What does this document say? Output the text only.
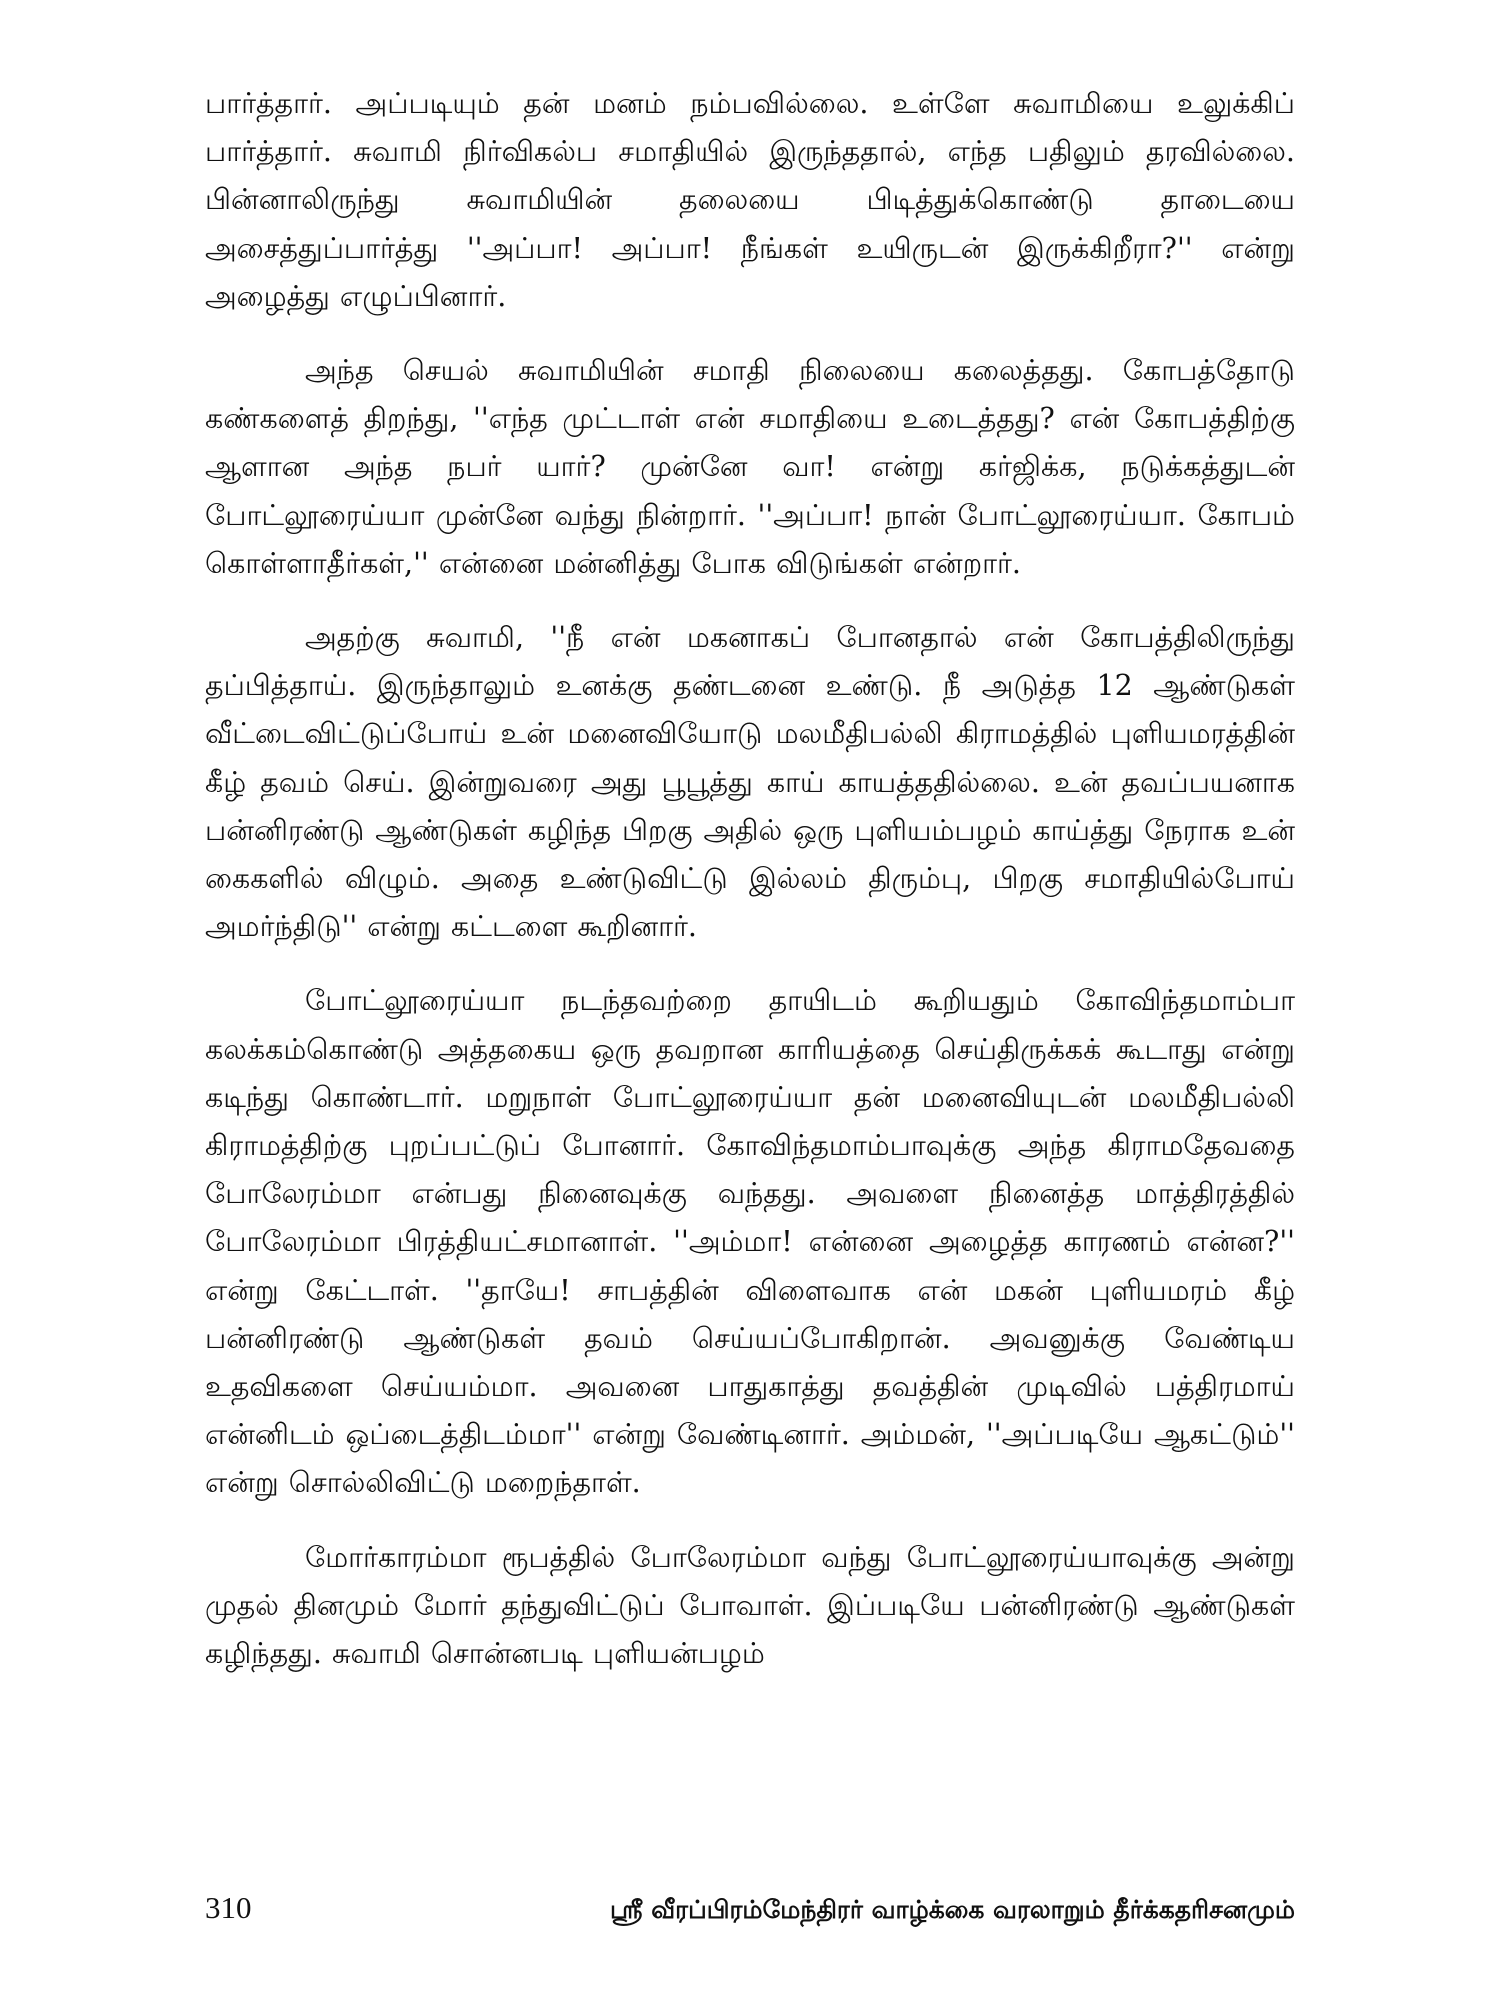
பார்த்தார். அப்படியும் தன் மனம் நம்பவில்லை. உள்ளே சுவாமியை உலுக்கிப் பார்த்தார். சுவாமி நிர்விகல்ப சமாதியில் இருந்ததால், எந்த பதிலும் தரவில்லை. பின்னாலிருந்து சுவாமியின் தலையை பிடித்துக்கொண்டு தாடையை அசைத்துப்பார்த்து ''அப்பா! அப்பா! நீங்கள் உயிருடன் இருக்கிறீரா?'' என்று அழைத்து எழுப்பினார்.

அந்த செயல் சுவாமியின் சமாதி நிலையை கலைத்தது. கோபத்தோடு கண்களைத் திறந்து, ''எந்த முட்டாள் என் சமாதியை உடைத்தது? என் கோபத்திற்கு ஆளான அந்த நபர் யார்? முன்னே வா! என்று கர்ஜிக்க, நடுக்கத்துடன் போட்லூரைய்யா முன்னே வந்து நின்றார். ''அப்பா! நான் போட்லூரைய்யா. கோபம் கொள்ளாதீர்கள்,'' என்னை மன்னித்து போக விடுங்கள் என்றார்.

அதற்கு சுவாமி, ''நீ என் மகனாகப் போனதால் என் கோபத்திலிருந்து தப்பித்தாய். இருந்தாலும் உனக்கு தண்டனை உண்டு. நீ அடுத்த 12 ஆண்டுகள் வீட்டைவிட்டுப்போய் உன் மனைவியோடு மலமீதிபல்லி கிராமத்தில் புளியமரத்தின் கீழ் தவம் செய். இன்றுவரை அது பூபூத்து காய் காயத்ததில்லை. உன் தவப்பயனாக பன்னிரண்டு ஆண்டுகள் கழிந்த பிறகு அதில் ஒரு புளியம்பழம் காய்த்து நேராக உன் கைகளில் விழும். அதை உண்டுவிட்டு இல்லம் திரும்பு, பிறகு சமாதியில்போய் அமர்ந்திடு'' என்று கட்டளை கூறினார்.

போட்லூரைய்யா நடந்தவற்றை தாயிடம் கூறியதும் கோவிந்தமாம்பா கலக்கம்கொண்டு அத்தகைய ஒரு தவறான காரியத்தை செய்திருக்கக் கூடாது என்று கடிந்து கொண்டார். மறுநாள் போட்லூரைய்யா தன் மனைவியுடன் மலமீதிபல்லி கிராமத்திற்கு புறப்பட்டுப் போனார். கோவிந்தமாம்பாவுக்கு அந்த கிராமதேவதை போலேரம்மா என்பது நினைவுக்கு வந்தது. அவளை நினைத்த மாத்திரத்தில் போலேரம்மா பிரத்தியட்சமானாள். ''அம்மா! என்னை அழைத்த காரணம் என்ன?'' என்று கேட்டாள். ''தாயே! சாபத்தின் விளைவாக என் மகன் புளியமரம் கீழ் பன்னிரண்டு ஆண்டுகள் தவம் செய்யப்போகிறான். அவனுக்கு வேண்டிய உதவிகளை செய்யம்மா. அவனை பாதுகாத்து தவத்தின் முடிவில் பத்திரமாய் என்னிடம் ஒப்டைத்திடம்மா'' என்று வேண்டினார். அம்மன், ''அப்படியே ஆகட்டும்'' என்று சொல்லிவிட்டு மறைந்தாள்.

மோர்காரம்மா ரூபத்தில் போலேரம்மா வந்து போட்லூரைய்யாவுக்கு அன்று முதல் தினமும் மோர் தந்துவிட்டுப் போவாள். இப்படியே பன்னிரண்டு ஆண்டுகள் கழிந்தது. சுவாமி சொன்னபடி புளியன்பழம்

310	ஸ்ரீ வீரப்பிரம்மேந்திரர் வாழ்க்கை வரலாறும் தீர்க்கதரிசனமும்
